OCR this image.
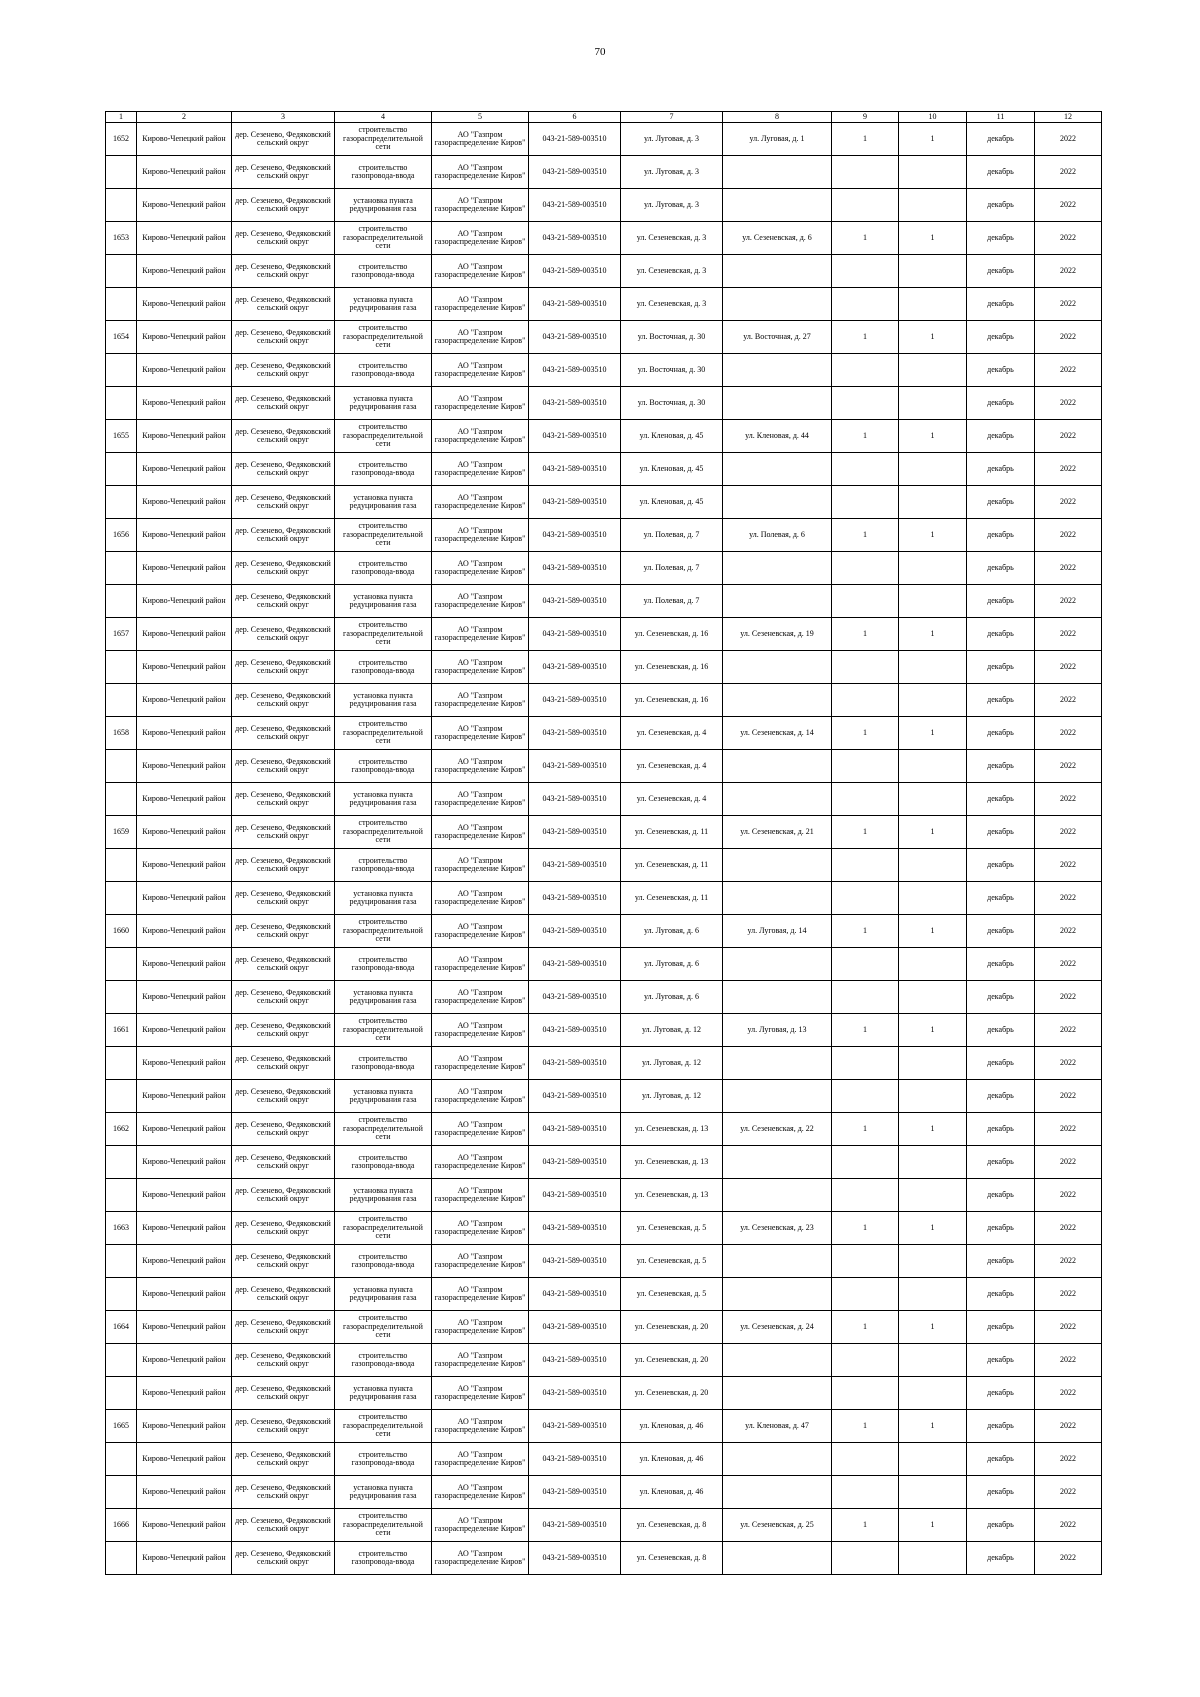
70
1	2	3	4	5	6	7	8	9	10	11	12

1652	Кирово-Чепецкий район	дер. Сезенево, Федяковский сельский округ	строительство газораспределительной сети	АО "Газпром газораспределение Киров"	043-21-589-003510	ул. Луговая, д. 3	ул. Луговая, д. 1	1	1	декабрь	2022

	Кирово-Чепецкий район	дер. Сезенево, Федяковский сельский округ	строительство газопровода-ввода	АО "Газпром газораспределение Киров"	043-21-589-003510	ул. Луговая, д. 3				декабрь	2022

	Кирово-Чепецкий район	дер. Сезенево, Федяковский сельский округ	установка пункта редуцирования газа	АО "Газпром газораспределение Киров"	043-21-589-003510	ул. Луговая, д. 3				декабрь	2022

1653	Кирово-Чепецкий район	дер. Сезенево, Федяковский сельский округ	строительство газораспределительной сети	АО "Газпром газораспределение Киров"	043-21-589-003510	ул. Сезеневская, д. 3	ул. Сезеневская, д. 6	1	1	декабрь	2022

	Кирово-Чепецкий район	дер. Сезенево, Федяковский сельский округ	строительство газопровода-ввода	АО "Газпром газораспределение Киров"	043-21-589-003510	ул. Сезеневская, д. 3				декабрь	2022

	Кирово-Чепецкий район	дер. Сезенево, Федяковский сельский округ	установка пункта редуцирования газа	АО "Газпром газораспределение Киров"	043-21-589-003510	ул. Сезеневская, д. 3				декабрь	2022

1654	Кирово-Чепецкий район	дер. Сезенево, Федяковский сельский округ	строительство газораспределительной сети	АО "Газпром газораспределение Киров"	043-21-589-003510	ул. Восточная, д. 30	ул. Восточная, д. 27	1	1	декабрь	2022

	Кирово-Чепецкий район	дер. Сезенево, Федяковский сельский округ	строительство газопровода-ввода	АО "Газпром газораспределение Киров"	043-21-589-003510	ул. Восточная, д. 30				декабрь	2022

	Кирово-Чепецкий район	дер. Сезенево, Федяковский сельский округ	установка пункта редуцирования газа	АО "Газпром газораспределение Киров"	043-21-589-003510	ул. Восточная, д. 30				декабрь	2022

1655	Кирово-Чепецкий район	дер. Сезенево, Федяковский сельский округ	строительство газораспределительной сети	АО "Газпром газораспределение Киров"	043-21-589-003510	ул. Кленовая, д. 45	ул. Кленовая, д. 44	1	1	декабрь	2022

	Кирово-Чепецкий район	дер. Сезенево, Федяковский сельский округ	строительство газопровода-ввода	АО "Газпром газораспределение Киров"	043-21-589-003510	ул. Кленовая, д. 45				декабрь	2022

	Кирово-Чепецкий район	дер. Сезенево, Федяковский сельский округ	установка пункта редуцирования газа	АО "Газпром газораспределение Киров"	043-21-589-003510	ул. Кленовая, д. 45				декабрь	2022

1656	Кирово-Чепецкий район	дер. Сезенево, Федяковский сельский округ	строительство газораспределительной сети	АО "Газпром газораспределение Киров"	043-21-589-003510	ул. Полевая, д. 7	ул. Полевая, д. 6	1	1	декабрь	2022

	Кирово-Чепецкий район	дер. Сезенево, Федяковский сельский округ	строительство газопровода-ввода	АО "Газпром газораспределение Киров"	043-21-589-003510	ул. Полевая, д. 7				декабрь	2022

	Кирово-Чепецкий район	дер. Сезенево, Федяковский сельский округ	установка пункта редуцирования газа	АО "Газпром газораспределение Киров"	043-21-589-003510	ул. Полевая, д. 7				декабрь	2022

1657	Кирово-Чепецкий район	дер. Сезенево, Федяковский сельский округ	строительство газораспределительной сети	АО "Газпром газораспределение Киров"	043-21-589-003510	ул. Сезеневская, д. 16	ул. Сезеневская, д. 19	1	1	декабрь	2022

	Кирово-Чепецкий район	дер. Сезенево, Федяковский сельский округ	строительство газопровода-ввода	АО "Газпром газораспределение Киров"	043-21-589-003510	ул. Сезеневская, д. 16				декабрь	2022

	Кирово-Чепецкий район	дер. Сезенево, Федяковский сельский округ	установка пункта редуцирования газа	АО "Газпром газораспределение Киров"	043-21-589-003510	ул. Сезеневская, д. 16				декабрь	2022

1658	Кирово-Чепецкий район	дер. Сезенево, Федяковский сельский округ	строительство газораспределительной сети	АО "Газпром газораспределение Киров"	043-21-589-003510	ул. Сезеневская, д. 4	ул. Сезеневская, д. 14	1	1	декабрь	2022

	Кирово-Чепецкий район	дер. Сезенево, Федяковский сельский округ	строительство газопровода-ввода	АО "Газпром газораспределение Киров"	043-21-589-003510	ул. Сезеневская, д. 4				декабрь	2022

	Кирово-Чепецкий район	дер. Сезенево, Федяковский сельский округ	установка пункта редуцирования газа	АО "Газпром газораспределение Киров"	043-21-589-003510	ул. Сезеневская, д. 4				декабрь	2022

1659	Кирово-Чепецкий район	дер. Сезенево, Федяковский сельский округ	строительство газораспределительной сети	АО "Газпром газораспределение Киров"	043-21-589-003510	ул. Сезеневская, д. 11	ул. Сезеневская, д. 21	1	1	декабрь	2022

	Кирово-Чепецкий район	дер. Сезенево, Федяковский сельский округ	строительство газопровода-ввода	АО "Газпром газораспределение Киров"	043-21-589-003510	ул. Сезеневская, д. 11				декабрь	2022

	Кирово-Чепецкий район	дер. Сезенево, Федяковский сельский округ	установка пункта редуцирования газа	АО "Газпром газораспределение Киров"	043-21-589-003510	ул. Сезеневская, д. 11				декабрь	2022

1660	Кирово-Чепецкий район	дер. Сезенево, Федяковский сельский округ	строительство газораспределительной сети	АО "Газпром газораспределение Киров"	043-21-589-003510	ул. Луговая, д. 6	ул. Луговая, д. 14	1	1	декабрь	2022

	Кирово-Чепецкий район	дер. Сезенево, Федяковский сельский округ	строительство газопровода-ввода	АО "Газпром газораспределение Киров"	043-21-589-003510	ул. Луговая, д. 6				декабрь	2022

	Кирово-Чепецкий район	дер. Сезенево, Федяковский сельский округ	установка пункта редуцирования газа	АО "Газпром газораспределение Киров"	043-21-589-003510	ул. Луговая, д. 6				декабрь	2022

1661	Кирово-Чепецкий район	дер. Сезенево, Федяковский сельский округ	строительство газораспределительной сети	АО "Газпром газораспределение Киров"	043-21-589-003510	ул. Луговая, д. 12	ул. Луговая, д. 13	1	1	декабрь	2022

	Кирово-Чепецкий район	дер. Сезенево, Федяковский сельский округ	строительство газопровода-ввода	АО "Газпром газораспределение Киров"	043-21-589-003510	ул. Луговая, д. 12				декабрь	2022

	Кирово-Чепецкий район	дер. Сезенево, Федяковский сельский округ	установка пункта редуцирования газа	АО "Газпром газораспределение Киров"	043-21-589-003510	ул. Луговая, д. 12				декабрь	2022

1662	Кирово-Чепецкий район	дер. Сезенево, Федяковский сельский округ	строительство газораспределительной сети	АО "Газпром газораспределение Киров"	043-21-589-003510	ул. Сезеневская, д. 13	ул. Сезеневская, д. 22	1	1	декабрь	2022

	Кирово-Чепецкий район	дер. Сезенево, Федяковский сельский округ	строительство газопровода-ввода	АО "Газпром газораспределение Киров"	043-21-589-003510	ул. Сезеневская, д. 13				декабрь	2022

	Кирово-Чепецкий район	дер. Сезенево, Федяковский сельский округ	установка пункта редуцирования газа	АО "Газпром газораспределение Киров"	043-21-589-003510	ул. Сезеневская, д. 13				декабрь	2022

1663	Кирово-Чепецкий район	дер. Сезенево, Федяковский сельский округ	строительство газораспределительной сети	АО "Газпром газораспределение Киров"	043-21-589-003510	ул. Сезеневская, д. 5	ул. Сезеневская, д. 23	1	1	декабрь	2022

	Кирово-Чепецкий район	дер. Сезенево, Федяковский сельский округ	строительство газопровода-ввода	АО "Газпром газораспределение Киров"	043-21-589-003510	ул. Сезеневская, д. 5				декабрь	2022

	Кирово-Чепецкий район	дер. Сезенево, Федяковский сельский округ	установка пункта редуцирования газа	АО "Газпром газораспределение Киров"	043-21-589-003510	ул. Сезеневская, д. 5				декабрь	2022

1664	Кирово-Чепецкий район	дер. Сезенево, Федяковский сельский округ	строительство газораспределительной сети	АО "Газпром газораспределение Киров"	043-21-589-003510	ул. Сезеневская, д. 20	ул. Сезеневская, д. 24	1	1	декабрь	2022

	Кирово-Чепецкий район	дер. Сезенево, Федяковский сельский округ	строительство газопровода-ввода	АО "Газпром газораспределение Киров"	043-21-589-003510	ул. Сезеневская, д. 20				декабрь	2022

	Кирово-Чепецкий район	дер. Сезенево, Федяковский сельский округ	установка пункта редуцирования газа	АО "Газпром газораспределение Киров"	043-21-589-003510	ул. Сезеневская, д. 20				декабрь	2022

1665	Кирово-Чепецкий район	дер. Сезенево, Федяковский сельский округ	строительство газораспределительной сети	АО "Газпром газораспределение Киров"	043-21-589-003510	ул. Кленовая, д. 46	ул. Кленовая, д. 47	1	1	декабрь	2022

	Кирово-Чепецкий район	дер. Сезенево, Федяковский сельский округ	строительство газопровода-ввода	АО "Газпром газораспределение Киров"	043-21-589-003510	ул. Кленовая, д. 46				декабрь	2022

	Кирово-Чепецкий район	дер. Сезенево, Федяковский сельский округ	установка пункта редуцирования газа	АО "Газпром газораспределение Киров"	043-21-589-003510	ул. Кленовая, д. 46				декабрь	2022

1666	Кирово-Чепецкий район	дер. Сезенево, Федяковский сельский округ	строительство газораспределительной сети	АО "Газпром газораспределение Киров"	043-21-589-003510	ул. Сезеневская, д. 8	ул. Сезеневская, д. 25	1	1	декабрь	2022

	Кирово-Чепецкий район	дер. Сезенево, Федяковский сельский округ	строительство газопровода-ввода	АО "Газпром газораспределение Киров"	043-21-589-003510	ул. Сезеневская, д. 8				декабрь	2022
